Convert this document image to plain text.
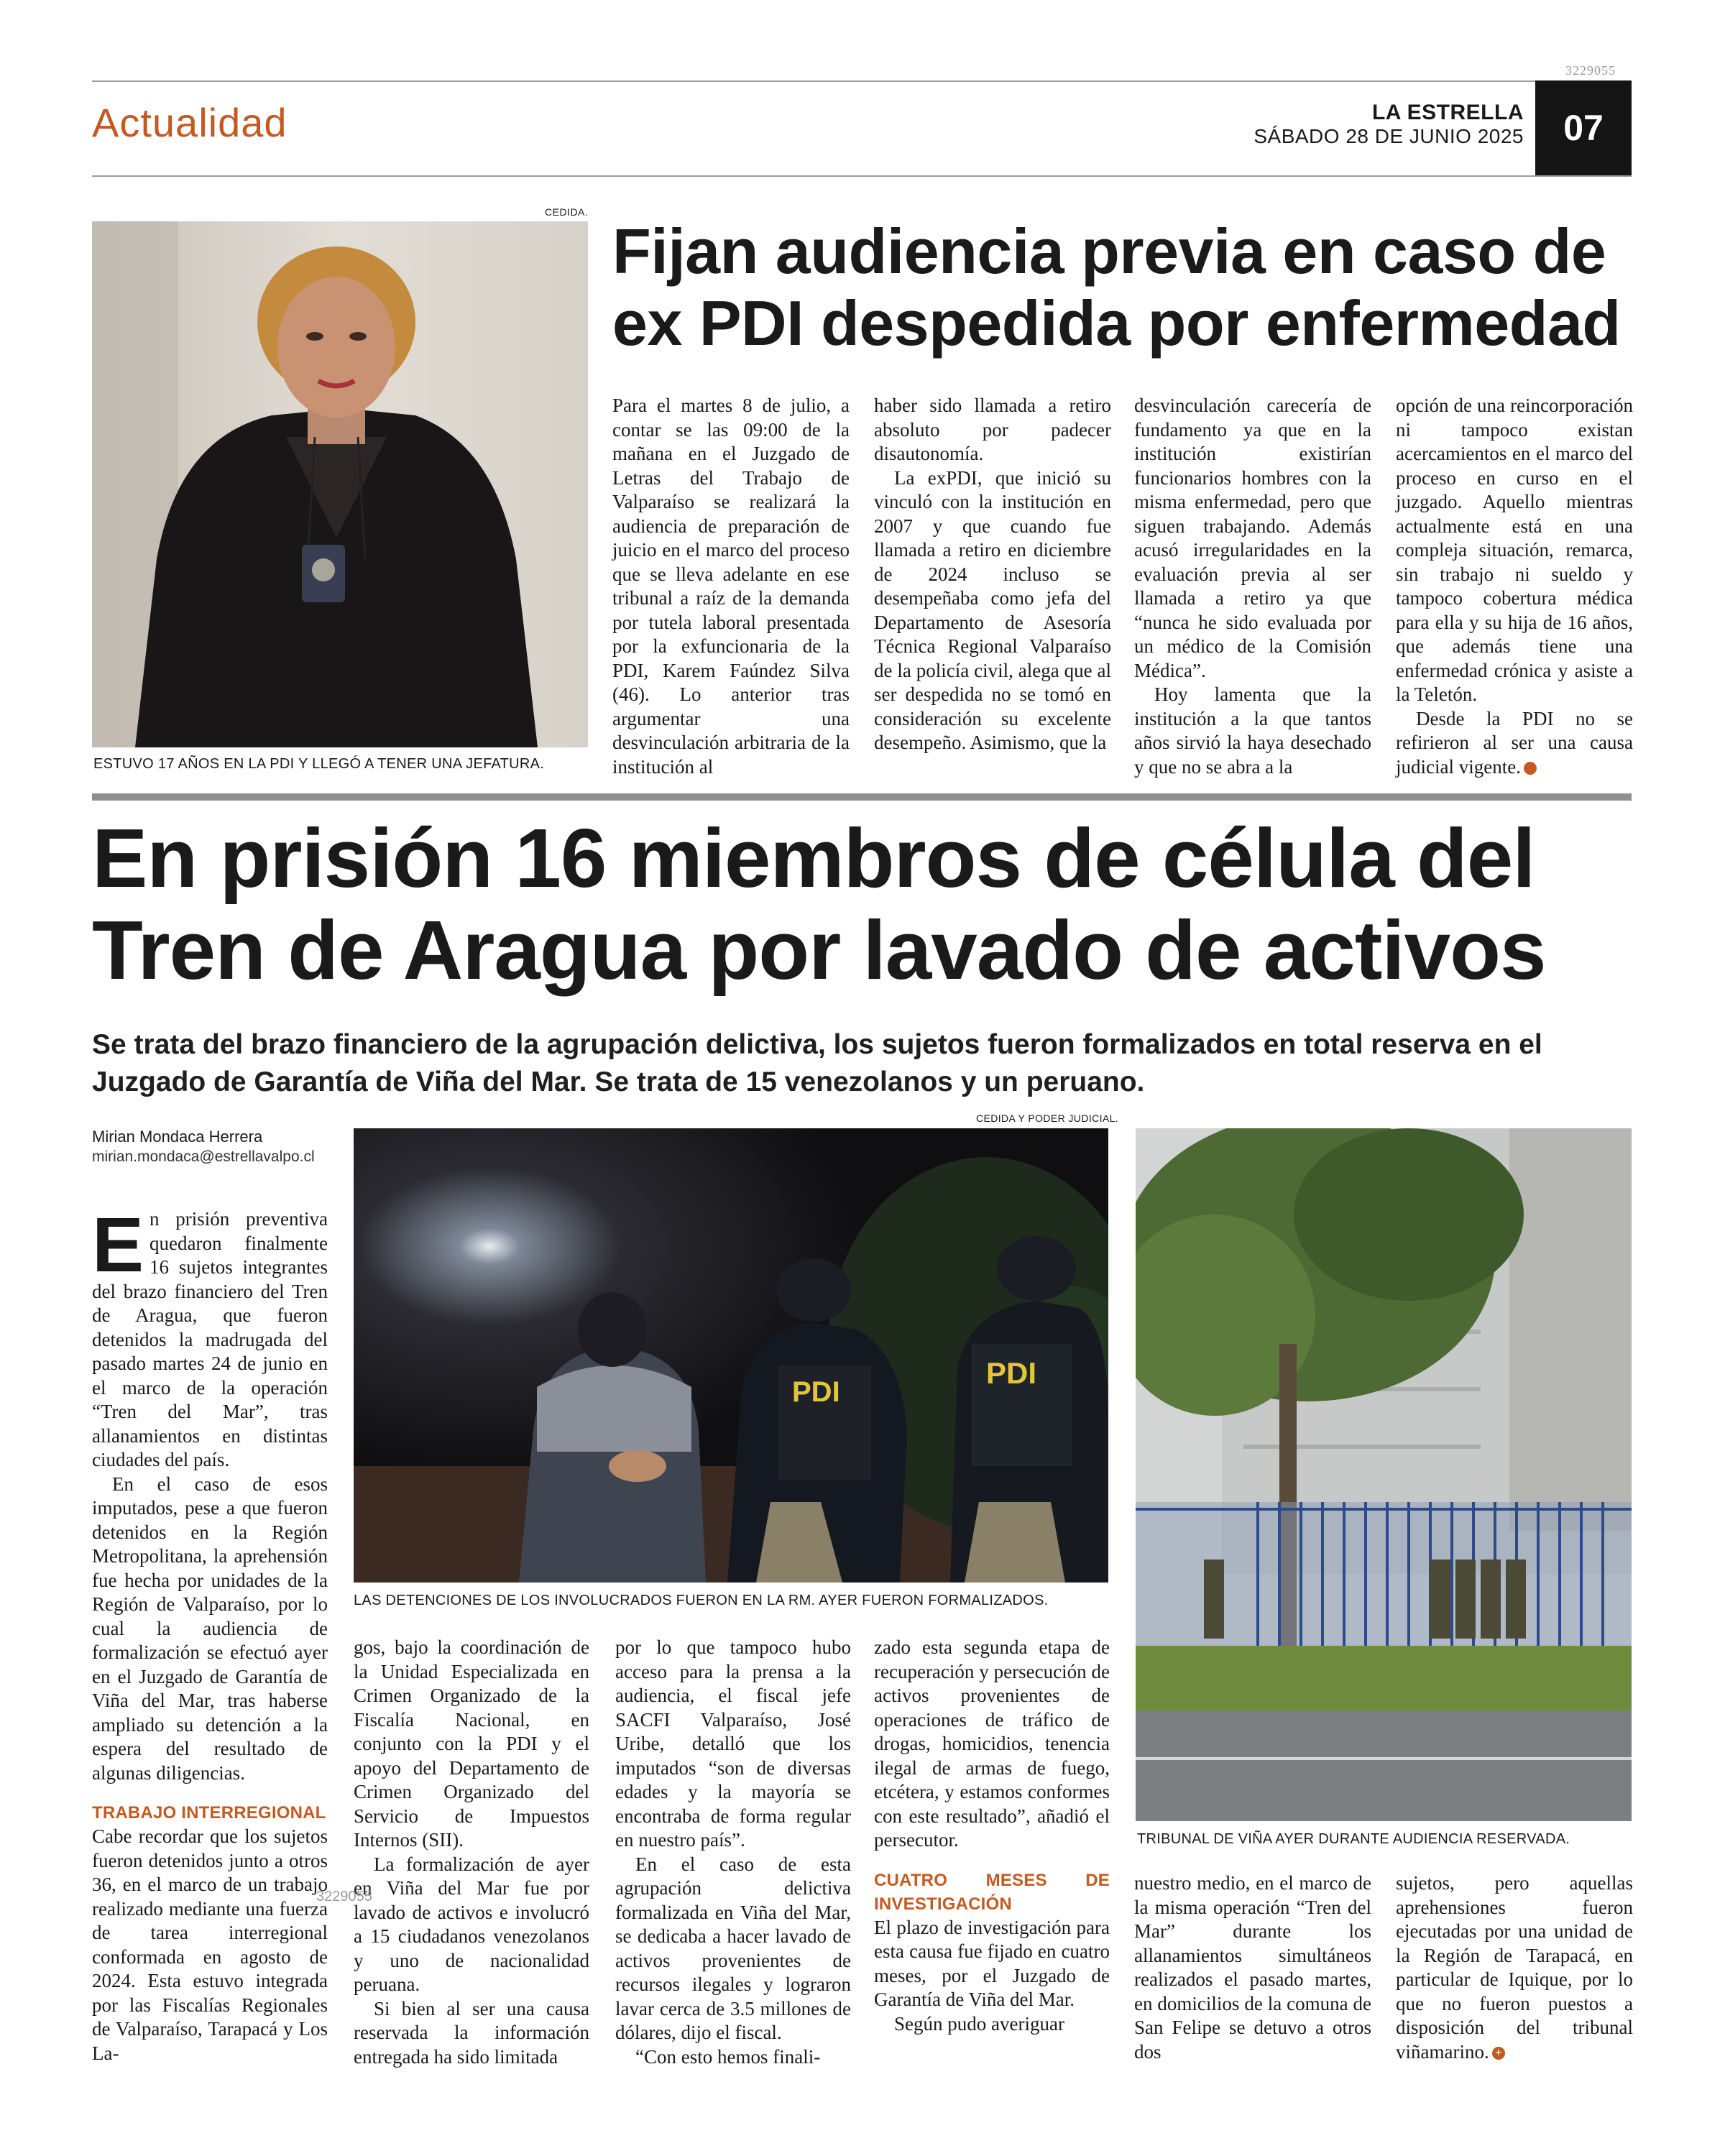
3229055
Actualidad	LA ESTRELLA
SÁBADO 28 DE JUNIO 2025	07
CEDIDA.
ESTUVO 17 AÑOS EN LA PDI Y LLEGÓ A TENER UNA JEFATURA.
Fijan audiencia previa en caso de ex PDI despedida por enfermedad

Para el martes 8 de julio, a contar se las 09:00 de la mañana en el Juzgado de Letras del Trabajo de Valparaíso se realizará la audiencia de preparación de juicio en el marco del proceso que se lleva adelante en ese tribunal a raíz de la demanda por tutela laboral presentada por la exfuncionaria de la PDI, Karem Faúndez Silva (46). Lo anterior tras argumentar una desvinculación arbitraria de la institución al

haber sido llamada a retiro absoluto por padecer disautonomía.

La exPDI, que inició su vinculó con la institución en 2007 y que cuando fue llamada a retiro en diciembre de 2024 incluso se desempeñaba como jefa del Departamento de Asesoría Técnica Regional Valparaíso de la policía civil, alega que al ser despedida no se tomó en consideración su excelente desempeño. Asimismo, que la

desvinculación carecería de fundamento ya que en la institución existirían funcionarios hombres con la misma enfermedad, pero que siguen trabajando. Además acusó irregularidades en la evaluación previa al ser llamada a retiro ya que “nunca he sido evaluada por un médico de la Comisión Médica”.

Hoy lamenta que la institución a la que tantos años sirvió la haya desechado y que no se abra a la

opción de una reincorporación ni tampoco existan acercamientos en el marco del proceso en curso en el juzgado. Aquello mientras actualmente está en una compleja situación, remarca, sin trabajo ni sueldo y tampoco cobertura médica para ella y su hija de 16 años, que además tiene una enfermedad crónica y asiste a la Teletón.

Desde la PDI no se refirieron al ser una causa judicial vigente. +

En prisión 16 miembros de célula del Tren de Aragua por lavado de activos
Se trata del brazo financiero de la agrupación delictiva, los sujetos fueron formalizados en total reserva en el Juzgado de Garantía de Viña del Mar. Se trata de 15 venezolanos y un peruano.
Mirian Mondaca Herrera
mirian.mondaca@estrellavalpo.cl
CEDIDA Y PODER JUDICIAL.
PDI
PDI
LAS DETENCIONES DE LOS INVOLUCRADOS FUERON EN LA RM. AYER FUERON FORMALIZADOS.
TRIBUNAL DE VIÑA AYER DURANTE AUDIENCIA RESERVADA.

En prisión preventiva quedaron finalmente 16 sujetos integrantes del brazo financiero del Tren de Aragua, que fueron detenidos la madrugada del pasado martes 24 de junio en el marco de la operación “Tren del Mar”, tras allanamientos en distintas ciudades del país.

En el caso de esos imputados, pese a que fueron detenidos en la Región Metropolitana, la aprehensión fue hecha por unidades de la Región de Valparaíso, por lo cual la audiencia de formalización se efectuó ayer en el Juzgado de Garantía de Viña del Mar, tras haberse ampliado su detención a la espera del resultado de algunas diligencias.

TRABAJO INTERREGIONAL

Cabe recordar que los sujetos fueron detenidos junto a otros 36, en el marco de un trabajo realizado mediante una fuerza de tarea interregional conformada en agosto de 2024. Esta estuvo integrada por las Fiscalías Regionales de Valparaíso, Tarapacá y Los La-

gos, bajo la coordinación de la Unidad Especializada en Crimen Organizado de la Fiscalía Nacional, en conjunto con la PDI y el apoyo del Departamento de Crimen Organizado del Servicio de Impuestos Internos (SII).

La formalización de ayer en Viña del Mar fue por lavado de activos e involucró a 15 ciudadanos venezolanos y uno de nacionalidad peruana.

Si bien al ser una causa reservada la información entregada ha sido limitada

por lo que tampoco hubo acceso para la prensa a la audiencia, el fiscal jefe SACFI Valparaíso, José Uribe, detalló que los imputados “son de diversas edades y la mayoría se encontraba de forma regular en nuestro país”.

En el caso de esta agrupación delictiva formalizada en Viña del Mar, se dedicaba a hacer lavado de activos provenientes de recursos ilegales y lograron lavar cerca de 3.5 millones de dólares, dijo el fiscal.

“Con esto hemos finali-

zado esta segunda etapa de recuperación y persecución de activos provenientes de operaciones de tráfico de drogas, homicidios, tenencia ilegal de armas de fuego, etcétera, y estamos conformes con este resultado”, añadió el persecutor.

CUATRO MESES DE INVESTIGACIÓN

El plazo de investigación para esta causa fue fijado en cuatro meses, por el Juzgado de Garantía de Viña del Mar.

Según pudo averiguar

nuestro medio, en el marco de la misma operación “Tren del Mar” durante los allanamientos simultáneos realizados el pasado martes, en domicilios de la comuna de San Felipe se detuvo a otros dos

sujetos, pero aquellas aprehensiones fueron ejecutadas por una unidad de la Región de Tarapacá, en particular de Iquique, por lo que no fueron puestos a disposición del tribunal viñamarino. +

3229055
